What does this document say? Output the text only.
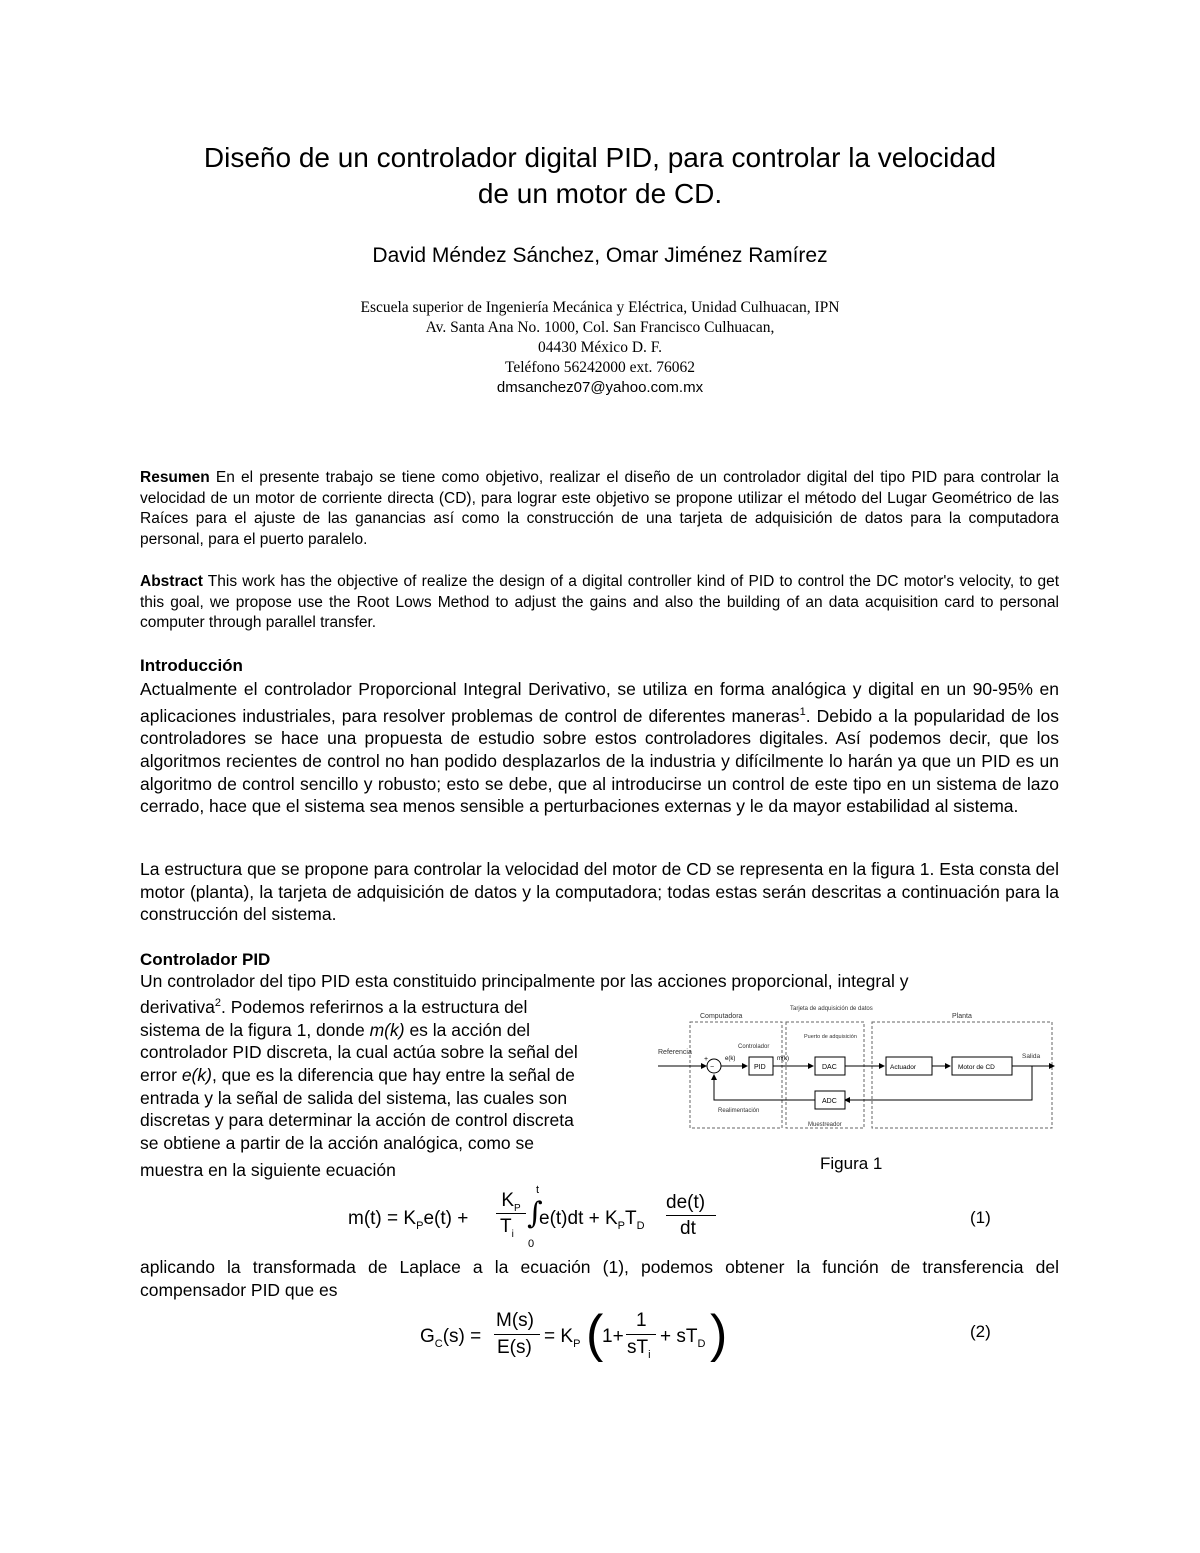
Diseño de un controlador digital PID, para controlar la velocidad
de un motor de CD.
David Méndez Sánchez, Omar Jiménez Ramírez
Escuela superior de Ingeniería Mecánica y Eléctrica, Unidad Culhuacan, IPN
Av. Santa Ana No. 1000, Col. San Francisco Culhuacan,
04430 México D. F.
Teléfono 56242000 ext. 76062
dmsanchez07@yahoo.com.mx
Resumen En el presente trabajo se tiene como objetivo, realizar el diseño de un controlador digital del tipo PID para controlar la velocidad de un motor de corriente directa (CD), para lograr este objetivo se propone utilizar el método del Lugar Geométrico de las Raíces para el ajuste de las ganancias así como la construcción de una tarjeta de adquisición de datos para la computadora personal, para el puerto paralelo.
Abstract This work has the objective of realize the design of a digital controller kind of PID to control the DC motor's velocity, to get this goal, we propose use the Root Lows Method to adjust the gains and also the building of an data acquisition card to personal computer through parallel transfer.
Introducción
Actualmente el controlador Proporcional Integral Derivativo, se utiliza en forma analógica y digital en un 90-95% en aplicaciones industriales, para resolver problemas de control de diferentes maneras$^1$. Debido a la popularidad de los controladores se hace una propuesta de estudio sobre estos controladores digitales. Así podemos decir, que los algoritmos recientes de control no han podido desplazarlos de la industria y difícilmente lo harán ya que un PID es un algoritmo de control sencillo y robusto; esto se debe, que al introducirse un control de este tipo en un sistema de lazo cerrado, hace que el sistema sea menos sensible a perturbaciones externas y le da mayor estabilidad al sistema.
La estructura que se propone para controlar la velocidad del motor de CD se representa en la figura 1. Esta consta del motor (planta), la tarjeta de adquisición de datos y la computadora; todas estas serán descritas a continuación para la construcción del sistema.
Controlador PID
Un controlador del tipo PID esta constituido principalmente por las acciones proporcional, integral y
derivativa$^2$. Podemos referirnos a la estructura del
sistema de la figura 1, donde m(k) es la acción del
controlador PID discreta, la cual actúa sobre la señal del
error e(k), que es la diferencia que hay entre la señal de
entrada y la señal de salida del sistema, las cuales son
discretas y para determinar la acción de control discreta
se obtiene a partir de la acción analógica, como se
muestra en la siguiente ecuación
Computadora
Tarjeta de adquisición de datos
Planta
Referencia
−
+	e(k)
Controlador
PID
m(k)
Puerto de adquisición
DAC	Actuador	Motor de CD
Salida
ADC
Realimentación
Muestreador
Figura 1
$m(t) = K_Pe(t)$ +
$K_P$
$T_i$
∫
t
0
$e(t)dt + K_PT_D$
de(t)
dt
(1)
aplicando la transformada de Laplace a la ecuación (1), podemos obtener la función de transferencia del compensador PID que es
$G_C(s)$ =
M(s)
E(s)
= $K_P$ (
1+
1
$sT_i$
+ $sT_D$ )	(2)
